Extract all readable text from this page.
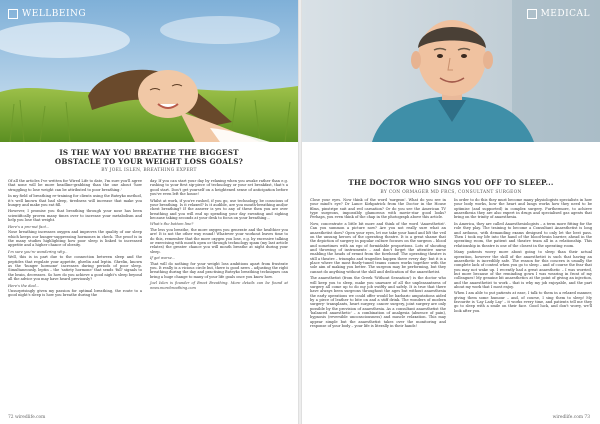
WELLBEING
IS THE WAY YOU BREATHE THE BIGGEST
OBSTACLE TO YOUR WEIGHT LOSS GOALS?
BY JOEL ISLEN, BREATHING EXPERT

Of all the articles I've written for Wired Life to date, I'm sure you'll agree that none will be more headline-grabbing than the one about 'how struggling to lose weight can be attributed to poor breathing.'

In my field of breathing re-training for clients using the Buteyko method, it's well known that bad sleep, tiredness will increase that make you hungry and make you eat fill.

However, I promise you that breathing through your nose has been scientifically proven many times over to increase your metabolism and help you lose that weight.

Here's a pro-nut fact...

Nose breathing increases oxygen and improves the quality of our sleep which keeps our hunger-suppressing hormones in check. The proof is in the many studies highlighting how poor sleep is linked to increased appetite and a higher chance of obesity.

I'm sure you're wondering why...

Well, this is in part due to the connection between sleep and the peptides that regulate your appetite, ghrelin and leptin. Ghrelin, known as the 'hunger hormone' increases during periods of poor sleep. Simultaneously, leptin – the 'satiety hormone' that sends 'full' signals to the brain, decreases. So how do you achieve a good night's sleep beyond all the advice you may have heard previously?

Here's the deal...

Unsurprisingly given my passion for optimal breathing, the route to a good night's sleep is how you breathe during the

day. If you can start your day by relaxing when you awake rather than e.g. rushing to your first sip-piece of technology or your set breakfast, that's a good start. Don't get yourself on a heightened sense of anticipation before you've even left the house!

Whilst at work, if you're rushed, if you go, use technology, be conscious of your breathing. Is it relaxed? Is it audible, are you mouth-breathing and/or chest breathing? If the answer is yes to any of these then you are over breathing and you will end up spending your day sweating and sighing because taking seconds at your desk to focus on your breathing...

What's the bottom line?

The less you breathe, the more oxygen you generate and the healthier you are! It is not the other way round! Whatever your workout leaves time to do this, remember that the more oxygen you lose, e.g. by excessive talking or exercising with mouth open or through technology spam (my last article relates) the greater chance you will mouth breathe at night during your sleep.

If get worse...

That will do nothing for your weight loss ambitions apart from frustrate you. It really is a vicious circle but, there is good news – adjusting the right breathing during the day and practising Buteyko breathing techniques can bring a huge change to many of your life goals once you know how.

Joel Islen is founder of Breat Breathing. More details can be found at www.morebreathing.com

72 wiredlife.com
MEDICAL
THE DOCTOR WHO SINGS YOU OFF TO SLEEP...
BY CON ORMAGER MD FRCS, CONSULTANT SURGEON

Close your eyes. Now think of the word 'surgeon'. What do you see in your mind's eye? Dr Lance Kirkpatrick from the Doctor in the House films, pinstripe suit and red carnation? Or do you see the American TV type surgeons, impossibly glamorous with movie-star good looks? Perhaps, you even think of the chap in the photograph above this article.

Now, concentrate a little bit more and think of the word 'Anaesthetist'. Can you summon a picture now? Are you not really sure what an anaesthetist does? Open your eyes, let me take your hand and lift the veil on the unsung heroes of the operating theatre. It is a great shame that the depiction of surgery in popular culture focuses on the surgeon – blood and sometimes with an ego of formidable proportions. Lots of shouting and throwing of instruments – and don't forget the attentive nurse enabling the heads of errant from the forehead! The operating theatre is still a theatre – triumphs and tragedies happen there every day- but it is a place where the most finely-tuned teams comes works together with the sole aim of making you better. The surgeon may be performing, but they cannot do anything without the skill and dedication of the anaesthetist.

The anaesthetist (from the Greek 'Without Sensation') is the doctor who will keep you to sleep, make you unaware of all the unpleasantness of surgery all come up to do my job swiftly and safely. It is true that there have always been surgeons throughout the ages but without anaesthesia the early operations we could offer would be barbaric amputations aided by a piece of leather to bite on and a stiff drink. The wonders of modern surgery- transplants, heart surgery, cancer surgery, joint surgery are only possible by the provision of anaesthesia. As a consultant anaesthetist the 'balanced anaesthetic' – a combination of analgesia (absence of pain), hypnosis (reversible unconsciousness) and muscle relaxation. This may appear simple but the anaesthetist takes over the monitoring and response of your body – your life is literally in their hands!

In order to do this they must become many physiologists specialists in how your body works, how the heart and lungs works how they need to be optimise (and supported) in complex surgery. Furthermore, to achieve anaesthesia they are also expert in drugs and specialised gas agents that bring on the trinity of anaesthesia.

In America, they are called Anaesthesiologists – a term more fitting for the role they play. The training to become a Consultant Anaesthetist is long and arduous, with demanding exams designed to only let the best pass. Then I took my life into the hand of the blood-brain barrier, ahead in the operating room, the patient and theatre team all in a relationship. This relationship in theatre is one of the closest in the operating room.

Many patients worry more about going to sleep than their actual operation, however the skill of the anaesthetist is such that having an anaesthetic is incredibly safe. The reason for this concern is usually the complete lack of control when you go to sleep – and of course the fear that you may not wake up. I recently had a great anaesthetic – I was worried, but more because of the reminding gown I was wearing in front of my colleagues! My genuine bit anaesthetics at the point of giving an injection, and the anaesthetist to work – that is why my job enjoyable, and the part about my work that I most enjoy.

When I am able to put patients at ease, I talk to them in a relaxed manner, giving them some humour – and, of course, I sing them to sleep! My favourite is 'Lay Lady Lay' – it works every time, and patients tell me they go to sleep with a smile on their face. Good luck, and don't worry, we'll look after you.

wiredlife.com 73
